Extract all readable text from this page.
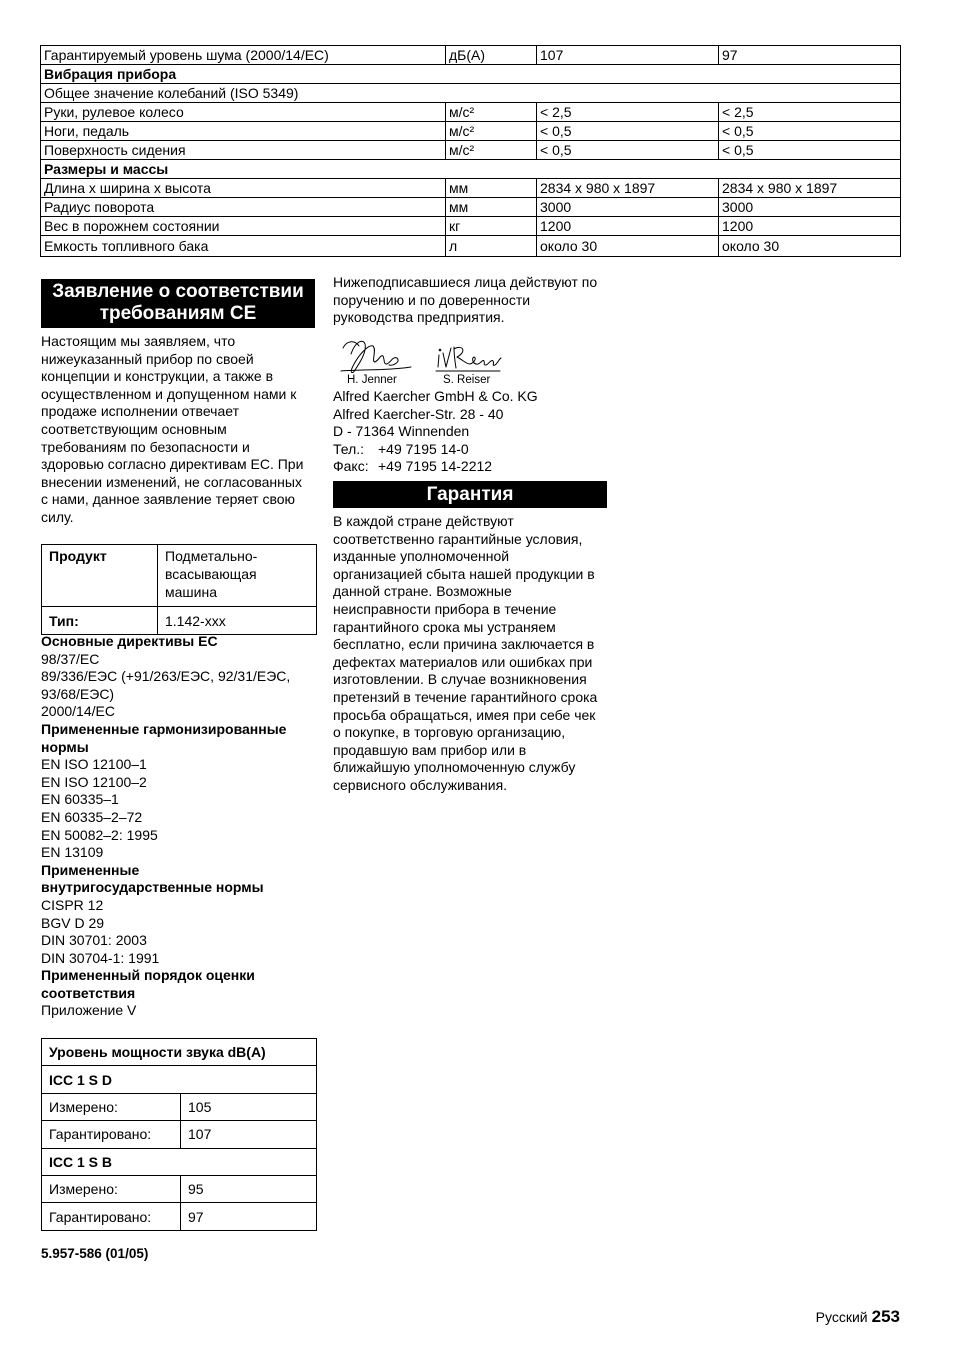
Гарантируемый уровень шума (2000/14/EC)	дБ(A)	107	97
Вибрация прибора			
Общее значение колебаний (ISO 5349)			
Руки, рулевое колесо	м/с²	< 2,5	< 2,5
Ноги, педаль	м/с²	< 0,5	< 0,5
Поверхность сидения	м/с²	< 0,5	< 0,5
Размеры и массы			
Длина x ширина x высота	мм	2834 x 980 x 1897	2834 x 980 x 1897
Радиус поворота	мм	3000	3000
Вес в порожнем состоянии	кг	1200	1200
Емкость топливного бака	л	около 30	около 30
Заявление о соответствии требованиям CE
Настоящим мы заявляем, что
нижеуказанный прибор по своей
концепции и конструкции, а также в
осуществленном и допущенном нами к
продаже исполнении отвечает
соответствующим основным
требованиям по безопасности и
здоровью согласно директивам ЕС. При
внесении изменений, не согласованных
с нами, данное заявление теряет свою
силу.
Продукт	Подметально-всасывающая машина
Тип:	1.142-xxx
Основные директивы ЕС
98/37/EC
89/336/ЕЭС (+91/263/ЕЭС, 92/31/ЕЭС,
93/68/ЕЭС)
2000/14/EC
Примененные гармонизированные
нормы
EN ISO 12100–1
EN ISO 12100–2
EN 60335–1
EN 60335–2–72
EN 50082–2: 1995
EN 13109
Примененные
внутригосударственные нормы
CISPR 12
BGV D 29
DIN 30701: 2003
DIN 30704-1: 1991
Примененный порядок оценки
соответствия
Приложение V
Уровень мощности звука dB(A)	
ICC 1 S D	
Измерено:	105
Гарантировано:	107
ICC 1 S B	
Измерено:	95
Гарантировано:	97
5.957-586 (01/05)
Нижеподписавшиеся лица действуют по
поручению и по доверенности
руководства предприятия.
H. Jenner	S. Reiser
Alfred Kaercher GmbH & Co. KG
Alfred Kaercher-Str. 28 - 40
D - 71364 Winnenden
Тел.: +49 7195 14-0
Факс: +49 7195 14-2212
Гарантия
В каждой стране действуют
соответственно гарантийные условия,
изданные уполномоченной
организацией сбыта нашей продукции в
данной стране. Возможные
неисправности прибора в течение
гарантийного срока мы устраняем
бесплатно, если причина заключается в
дефектах материалов или ошибках при
изготовлении. В случае возникновения
претензий в течение гарантийного срока
просьба обращаться, имея при себе чек
о покупке, в торговую организацию,
продавшую вам прибор или в
ближайшую уполномоченную службу
сервисного обслуживания.
Русский 253
